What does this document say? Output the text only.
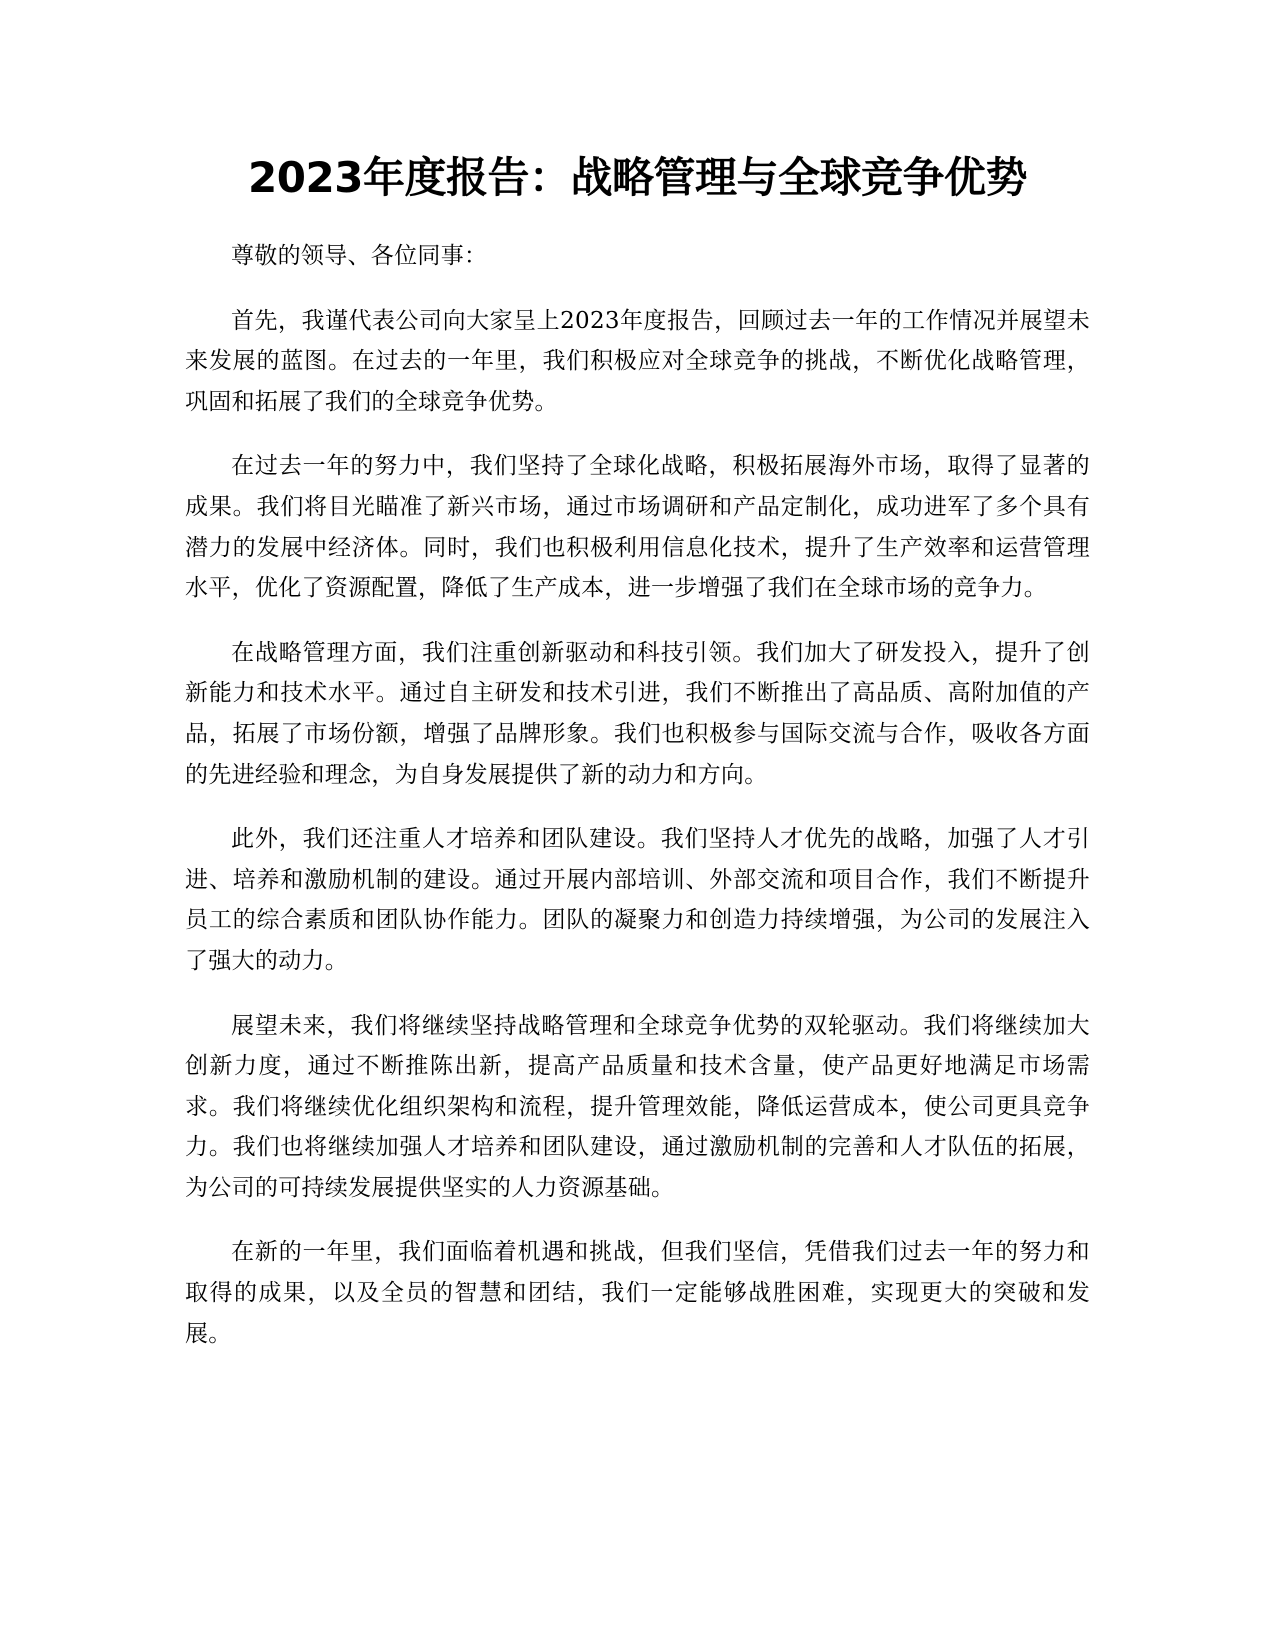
2023年度报告：战略管理与全球竞争优势

尊敬的领导、各位同事：

首先，我谨代表公司向大家呈上2023年度报告，回顾过去一年的工作情况并展望未来发展的蓝图。在过去的一年里，我们积极应对全球竞争的挑战，不断优化战略管理，巩固和拓展了我们的全球竞争优势。

在过去一年的努力中，我们坚持了全球化战略，积极拓展海外市场，取得了显著的成果。我们将目光瞄准了新兴市场，通过市场调研和产品定制化，成功进军了多个具有潜力的发展中经济体。同时，我们也积极利用信息化技术，提升了生产效率和运营管理水平，优化了资源配置，降低了生产成本，进一步增强了我们在全球市场的竞争力。

在战略管理方面，我们注重创新驱动和科技引领。我们加大了研发投入，提升了创新能力和技术水平。通过自主研发和技术引进，我们不断推出了高品质、高附加值的产品，拓展了市场份额，增强了品牌形象。我们也积极参与国际交流与合作，吸收各方面的先进经验和理念，为自身发展提供了新的动力和方向。

此外，我们还注重人才培养和团队建设。我们坚持人才优先的战略，加强了人才引进、培养和激励机制的建设。通过开展内部培训、外部交流和项目合作，我们不断提升员工的综合素质和团队协作能力。团队的凝聚力和创造力持续增强，为公司的发展注入了强大的动力。

展望未来，我们将继续坚持战略管理和全球竞争优势的双轮驱动。我们将继续加大创新力度，通过不断推陈出新，提高产品质量和技术含量，使产品更好地满足市场需求。我们将继续优化组织架构和流程，提升管理效能，降低运营成本，使公司更具竞争力。我们也将继续加强人才培养和团队建设，通过激励机制的完善和人才队伍的拓展，为公司的可持续发展提供坚实的人力资源基础。

在新的一年里，我们面临着机遇和挑战，但我们坚信，凭借我们过去一年的努力和取得的成果，以及全员的智慧和团结，我们一定能够战胜困难，实现更大的突破和发展。
